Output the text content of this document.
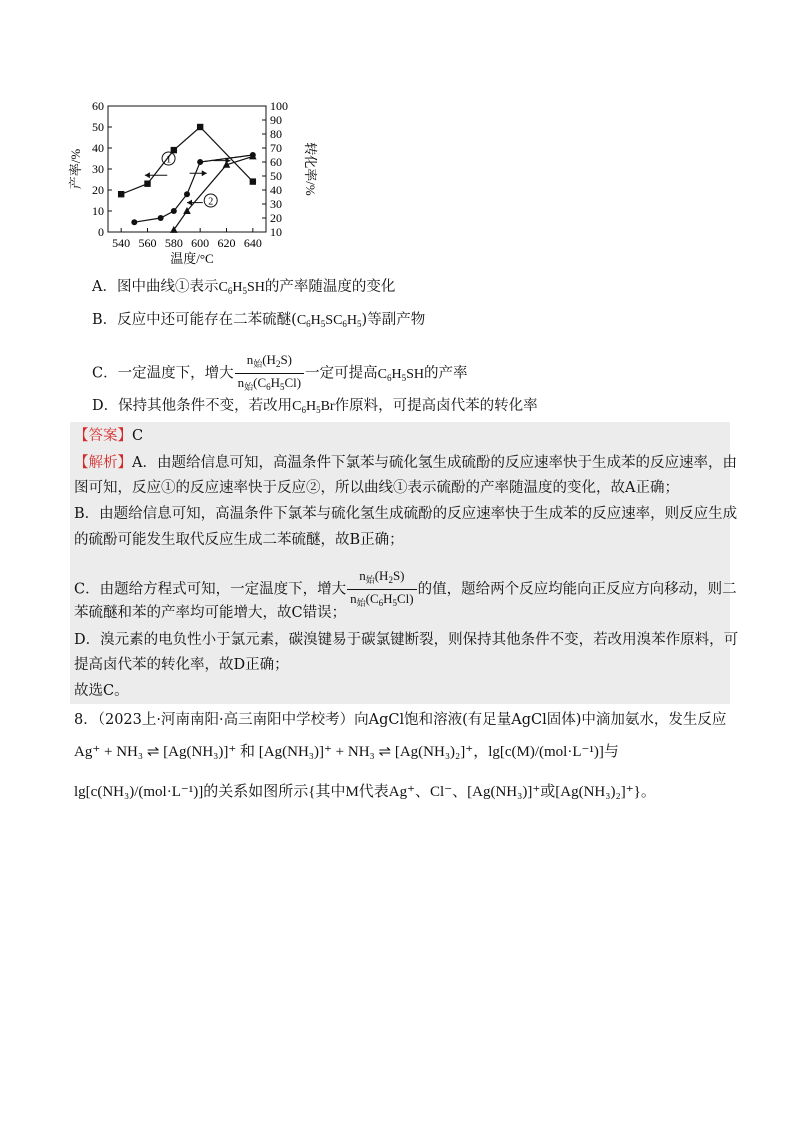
0
10
20
30
40
50
60
10
20
30
40
50
60
70
80
90
100
540 560 580 600 620 640
温度/°C
产率/%	转化率/%
1
2
A．图中曲线①表示$C_6H_5SH$的产率随温度的变化
B．反应中还可能存在二苯硫醚$(C_6H_5SC_6H_5)$等副产物
C．一定温度下，增大 $\frac{n_始(H_2S)}{n_始(C_6H_5Cl)}$ 一定可提高$C_6H_5SH$的产率
D．保持其他条件不变，若改用$C_6H_5Br$作原料，可提高卤代苯的转化率
【答案】C
【解析】A．由题给信息可知，高温条件下氯苯与硫化氢生成硫酚的反应速率快于生成苯的反应速率，由
图可知，反应①的反应速率快于反应②，所以曲线①表示硫酚的产率随温度的变化，故A正确；
B．由题给信息可知，高温条件下氯苯与硫化氢生成硫酚的反应速率快于生成苯的反应速率，则反应生成
的硫酚可能发生取代反应生成二苯硫醚，故B正确；
C．由题给方程式可知，一定温度下，增大 $\frac{n_始(H_2S)}{n_始(C_6H_5Cl)}$ 的值，题给两个反应均能向正反应方向移动，则二
苯硫醚和苯的产率均可能增大，故C错误；
D．溴元素的电负性小于氯元素，碳溴键易于碳氯键断裂，则保持其他条件不变，若改用溴苯作原料，可
提高卤代苯的转化率，故D正确；
故选C。
8．（2023上·河南南阳·高三南阳中学校考）向AgCl饱和溶液(有足量AgCl固体)中滴加氨水，发生反应
Ag⁺ + NH₃ ⇌ [Ag(NH₃)]⁺ 和 [Ag(NH₃)]⁺ + NH₃ ⇌ [Ag(NH₃)₂]⁺，lg[c(M)/(mol·L⁻¹)]与
lg[c(NH₃)/(mol·L⁻¹)]的关系如图所示{其中M代表Ag⁺、Cl⁻、[Ag(NH₃)]⁺或[Ag(NH₃)₂]⁺}。
